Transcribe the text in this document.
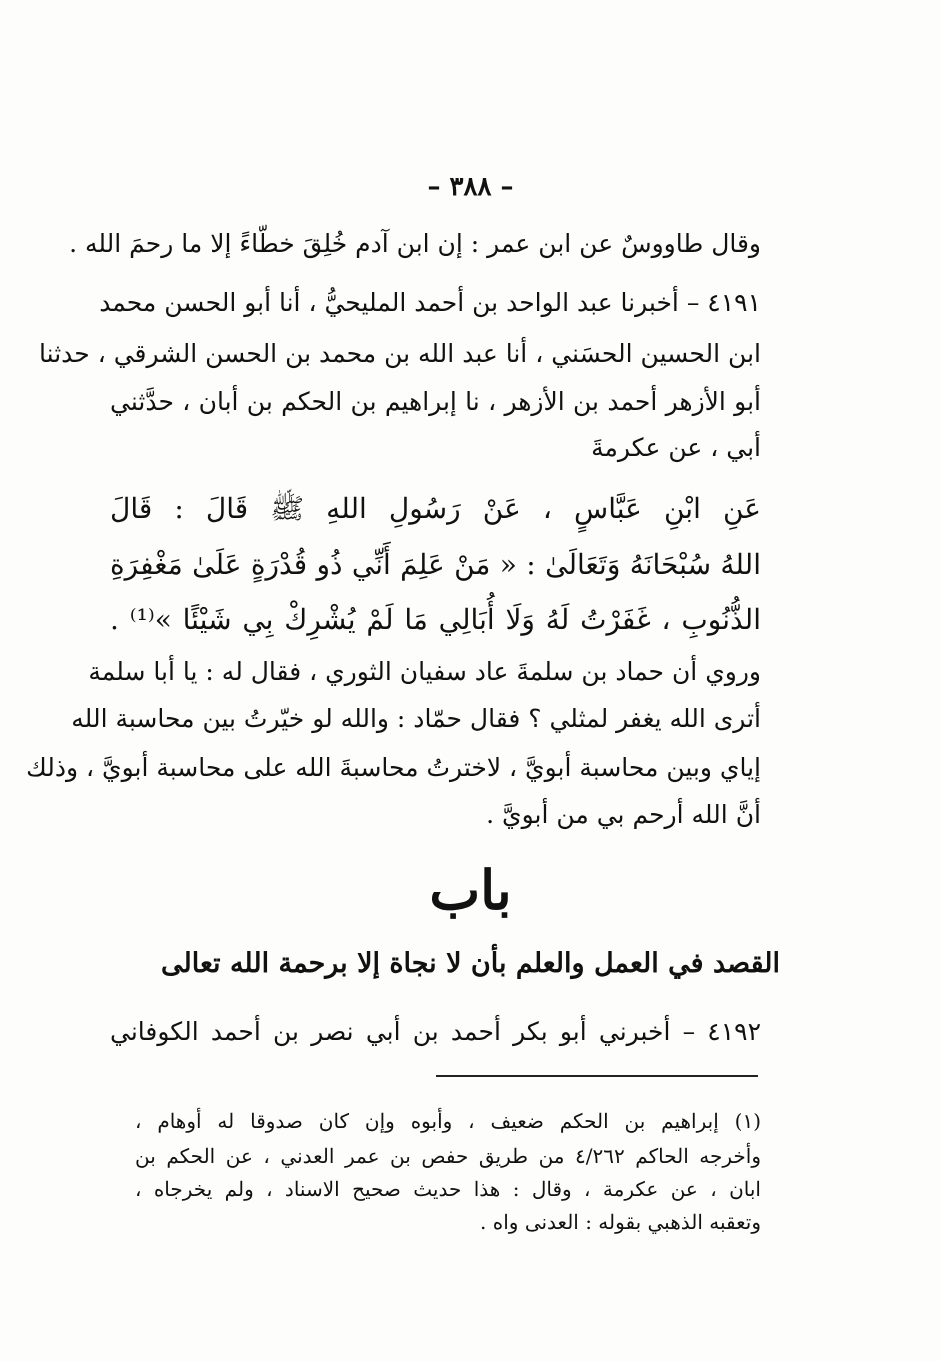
– ٣٨٨ –
وقال طاووسٌ عن ابن عمر : إن ابن آدم خُلِقَ خطّاءً إلا ما رحمَ الله .
٤١٩١ – أخبرنا عبد الواحد بن أحمد المليحيُّ ، أنا أبو الحسن محمد
ابن الحسين الحسَني ، أنا عبد الله بن محمد بن الحسن الشرقي ، حدثنا
أبو الأزهر أحمد بن الأزهر ، نا إبراهيم بن الحكم بن أبان ، حدَّثني
أبي ، عن عكرمةَ
عَنِ ابْنِ عَبَّاسٍ ، عَنْ رَسُولِ اللهِ ﷺ قَالَ : قَالَ
اللهُ سُبْحَانَهُ وَتَعَالَىٰ : « مَنْ عَلِمَ أَنِّي ذُو قُدْرَةٍ عَلَىٰ مَغْفِرَةِ
الذُّنُوبِ ، غَفَرْتُ لَهُ وَلَا أُبَالِي مَا لَمْ يُشْرِكْ بِي شَيْئًا »⁽¹⁾ .
وروي أن حماد بن سلمةَ عاد سفيان الثوري ، فقال له : يا أبا سلمة
أترى الله يغفر لمثلي ؟ فقال حمّاد : والله لو خيّرتُ بين محاسبة الله
إياي وبين محاسبة أبويَّ ، لاخترتُ محاسبةَ الله على محاسبة أبويَّ ، وذلك
أنَّ الله أرحم بي من أبويَّ .
باب
القصد في العمل والعلم بأن لا نجاة إلا برحمة الله تعالى
٤١٩٢ – أخبرني أبو بكر أحمد بن أبي نصر بن أحمد الكوفاني
(١) إبراهيم بن الحكم ضعيف ، وأبوه وإن كان صدوقا له أوهام ،
وأخرجه الحاكم ٤/٢٦٢ من طريق حفص بن عمر العدني ، عن الحكم بن
ابان ، عن عكرمة ، وقال : هذا حديث صحيح الاسناد ، ولم يخرجاه ،
وتعقبه الذهبي بقوله : العدنى واه .
